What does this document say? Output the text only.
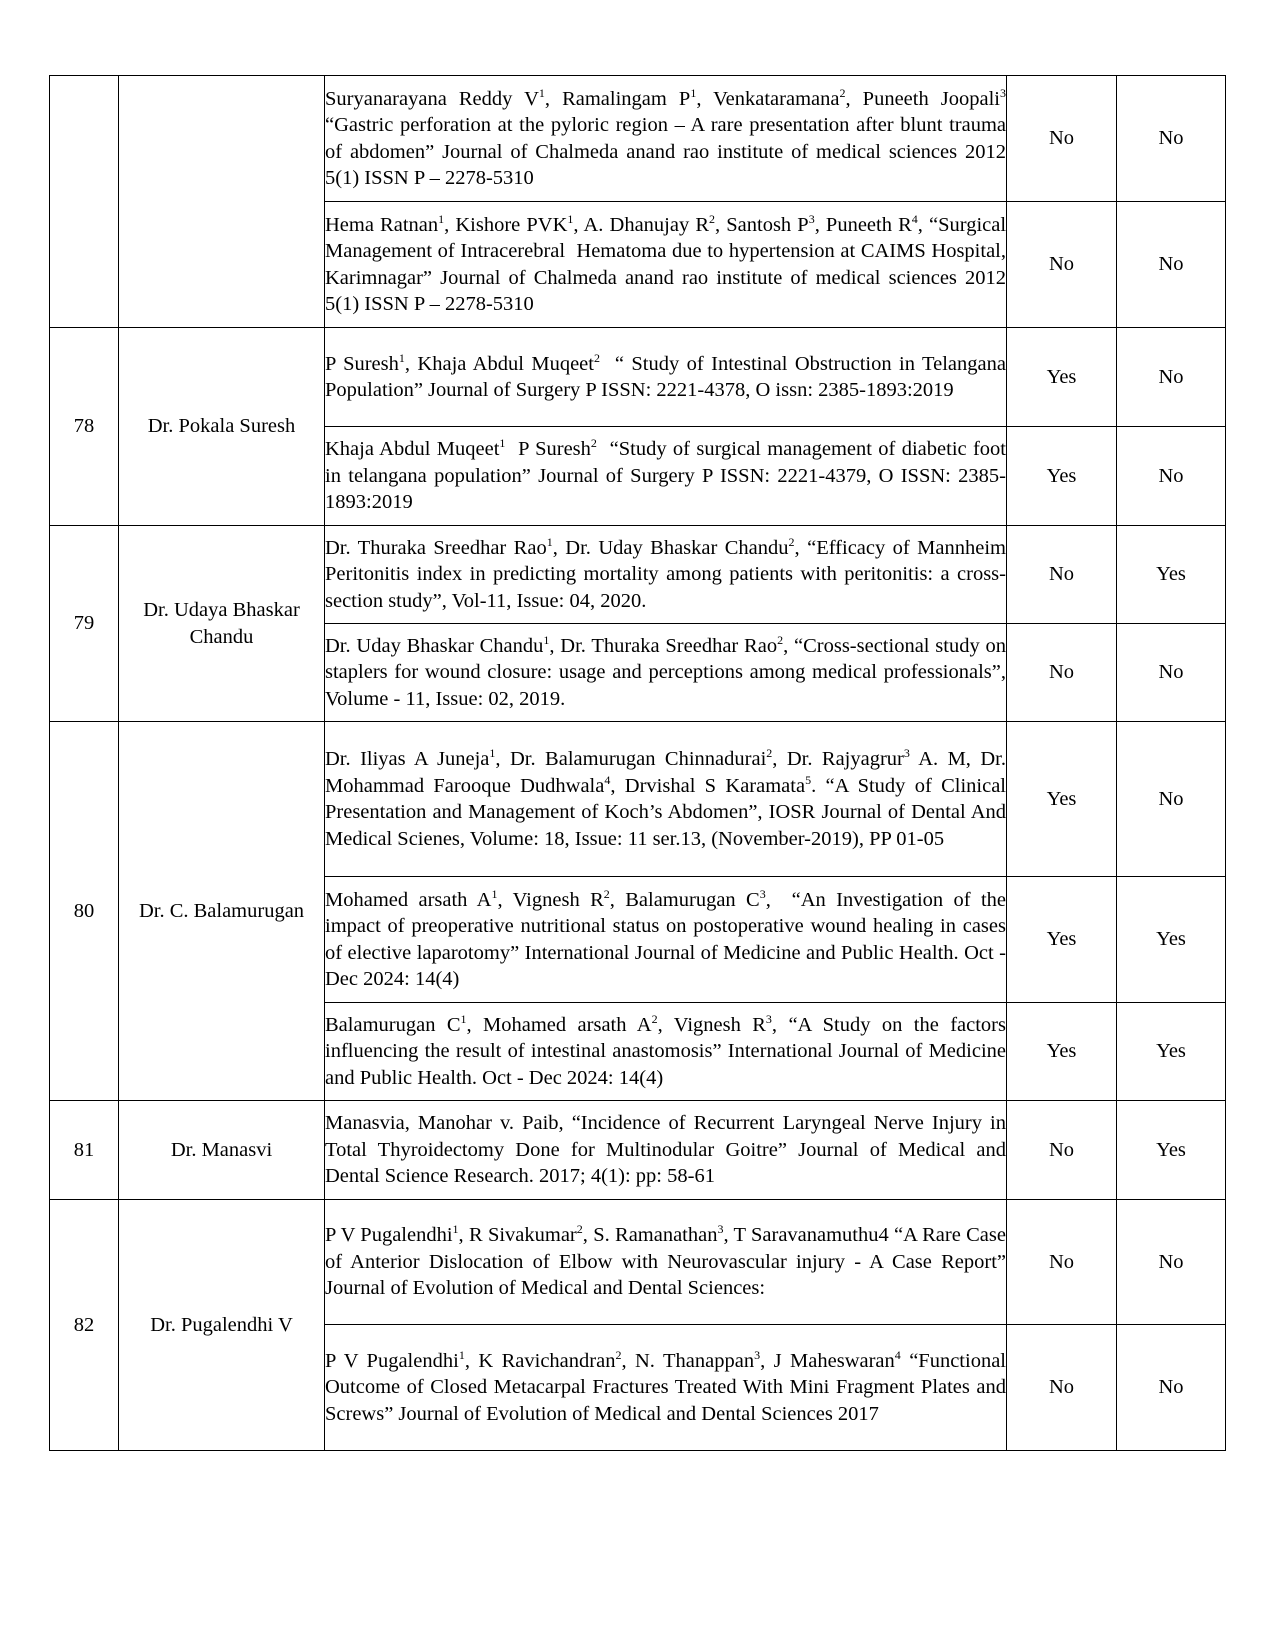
		Suryanarayana Reddy $V^1$, Ramalingam $P^1$, Venkataramana$^2$, Puneeth Joopali$^3$  “Gastric perforation at the pyloric region – A rare presentation after blunt trauma of abdomen” Journal of Chalmeda anand rao institute of medical sciences 2012 5(1) ISSN P – 2278-5310	No	No
		Hema Ratnan$^1$, Kishore PVK$^1$, A. Dhanujay $R^2$, Santosh $P^3$, Puneeth $R^4$, “Surgical Management of Intracerebral  Hematoma due to hypertension at CAIMS Hospital, Karimnagar” Journal of Chalmeda anand rao institute of medical sciences 2012 5(1) ISSN P – 2278-5310	No	No
78	Dr. Pokala Suresh	P Suresh$^1$, Khaja Abdul Muqeet$^2$  “ Study of Intestinal Obstruction in Telangana Population” Journal of Surgery P ISSN: 2221-4378, O issn: 2385-1893:2019	Yes	No
		Khaja Abdul Muqeet$^1$  P Suresh$^2$  “Study of surgical management of diabetic foot in telangana population” Journal of Surgery P ISSN: 2221-4379, O ISSN: 2385-1893:2019	Yes	No
79	Dr. Udaya Bhaskar Chandu	Dr. Thuraka Sreedhar Rao$^1$, Dr. Uday Bhaskar Chandu$^2$, “Efficacy of Mannheim Peritonitis index in predicting mortality among patients with peritonitis: a cross-section study”, Vol-11, Issue: 04, 2020.	No	Yes
		Dr. Uday Bhaskar Chandu$^1$, Dr. Thuraka Sreedhar Rao$^2$, “Cross-sectional study on staplers for wound closure: usage and perceptions among medical professionals”, Volume - 11, Issue: 02, 2019.	No	No
80	Dr. C. Balamurugan	Dr. Iliyas A Juneja$^1$, Dr. Balamurugan Chinnadurai$^2$, Dr. Rajyagrur$^3$ A. M, Dr. Mohammad Farooque Dudhwala$^4$, Drvishal S Karamata$^5$. “A Study of Clinical Presentation and Management of Koch’s Abdomen”, IOSR Journal of Dental And Medical Scienes, Volume: 18, Issue: 11 ser.13, (November-2019), PP 01-05	Yes	No
		Mohamed arsath $A^1$, Vignesh $R^2$, Balamurugan $C^3$,  “An Investigation of the impact of preoperative nutritional status on postoperative wound healing in cases of elective laparotomy” International Journal of Medicine and Public Health. Oct - Dec 2024: 14(4)	Yes	Yes
		Balamurugan $C^1$, Mohamed arsath $A^2$, Vignesh $R^3$, “A Study on the factors influencing the result of intestinal anastomosis” International Journal of Medicine and Public Health. Oct - Dec 2024: 14(4)	Yes	Yes
81	Dr. Manasvi	Manasvia, Manohar v. Paib, “Incidence of Recurrent Laryngeal Nerve Injury in Total Thyroidectomy Done for Multinodular Goitre” Journal of Medical and Dental Science Research. 2017; 4(1): pp: 58-61	No	Yes
82	Dr. Pugalendhi V	P V Pugalendhi$^1$, R Sivakumar$^2$, S. Ramanathan$^3$, T Saravanamuthu4 “A Rare Case of Anterior Dislocation of Elbow with Neurovascular injury - A Case Report” Journal of Evolution of Medical and Dental Sciences:	No	No
		P V Pugalendhi$^1$, K Ravichandran$^2$, N. Thanappan$^3$, J Maheswaran$^4$ “Functional Outcome of Closed Metacarpal Fractures Treated With Mini Fragment Plates and Screws” Journal of Evolution of Medical and Dental Sciences 2017	No	No
